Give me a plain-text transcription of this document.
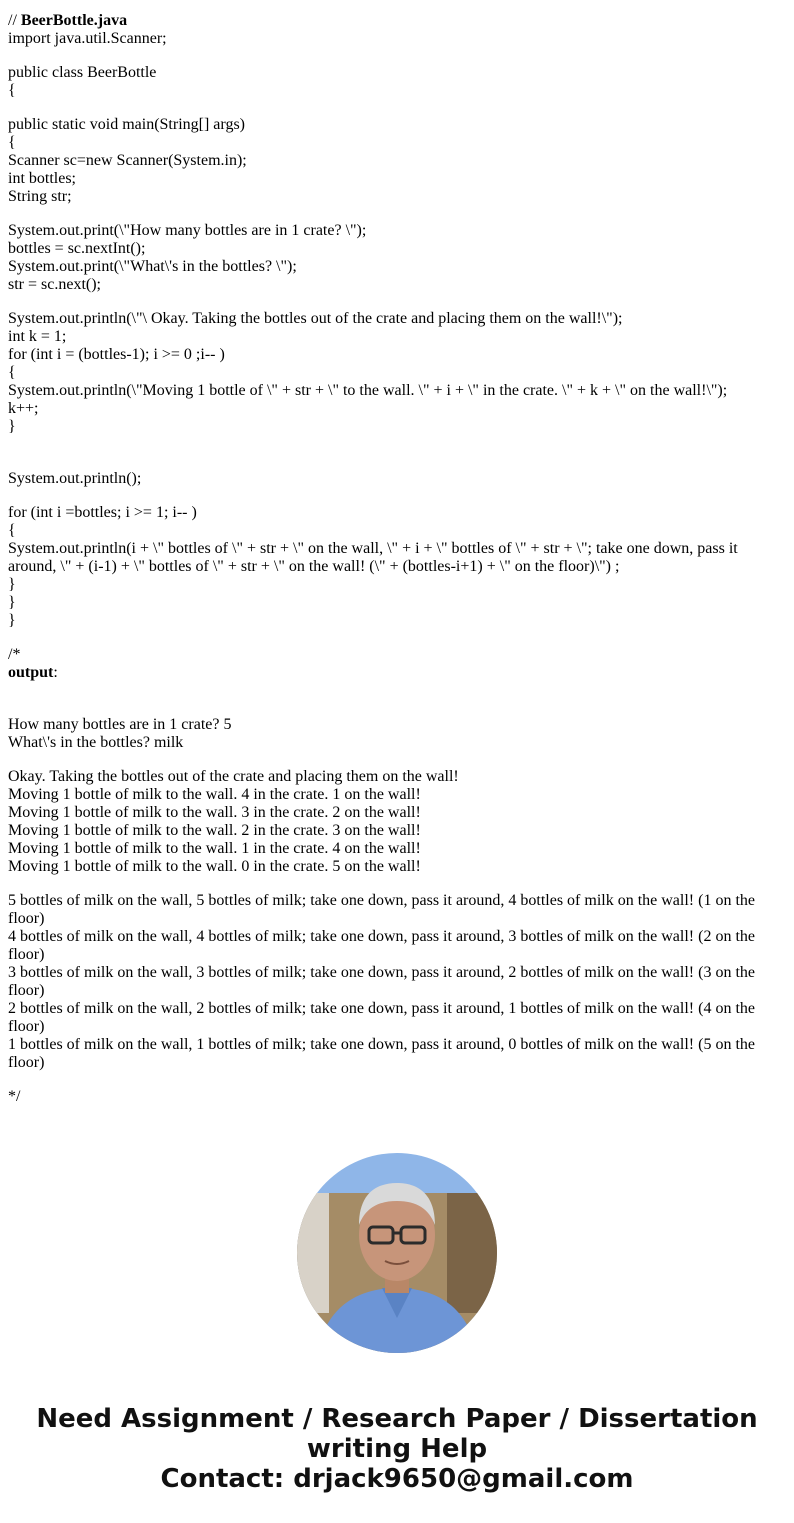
// BeerBottle.java
import java.util.Scanner;
public class BeerBottle
{
public static void main(String[] args)
{
Scanner sc=new Scanner(System.in);
int bottles;
String str;
System.out.print(\"How many bottles are in 1 crate? \");
bottles = sc.nextInt();
System.out.print(\"What\'s in the bottles? \");
str = sc.next();
System.out.println(\"\ Okay. Taking the bottles out of the crate and placing them on the wall!\");
int k = 1;
for (int i = (bottles-1); i >= 0 ;i-- )
{
System.out.println(\"Moving 1 bottle of \" + str + \" to the wall. \" + i + \" in the crate. \" + k + \" on the wall!\");
k++;
}
System.out.println();
for (int i =bottles; i >= 1; i-- )
{
System.out.println(i + \" bottles of \" + str + \" on the wall, \" + i + \" bottles of \" + str + \"; take one down, pass it around, \" + (i-1) + \" bottles of \" + str + \" on the wall! (\" + (bottles-i+1) + \" on the floor)\") ;
}
}
}
/*
output:
How many bottles are in 1 crate? 5
What\'s in the bottles? milk
Okay. Taking the bottles out of the crate and placing them on the wall!
Moving 1 bottle of milk to the wall. 4 in the crate. 1 on the wall!
Moving 1 bottle of milk to the wall. 3 in the crate. 2 on the wall!
Moving 1 bottle of milk to the wall. 2 in the crate. 3 on the wall!
Moving 1 bottle of milk to the wall. 1 in the crate. 4 on the wall!
Moving 1 bottle of milk to the wall. 0 in the crate. 5 on the wall!
5 bottles of milk on the wall, 5 bottles of milk; take one down, pass it around, 4 bottles of milk on the wall! (1 on the floor)
4 bottles of milk on the wall, 4 bottles of milk; take one down, pass it around, 3 bottles of milk on the wall! (2 on the floor)
3 bottles of milk on the wall, 3 bottles of milk; take one down, pass it around, 2 bottles of milk on the wall! (3 on the floor)
2 bottles of milk on the wall, 2 bottles of milk; take one down, pass it around, 1 bottles of milk on the wall! (4 on the floor)
1 bottles of milk on the wall, 1 bottles of milk; take one down, pass it around, 0 bottles of milk on the wall! (5 on the floor)
*/
Need Assignment / Research Paper / Dissertation writing Help
Contact: drjack9650@gmail.com
